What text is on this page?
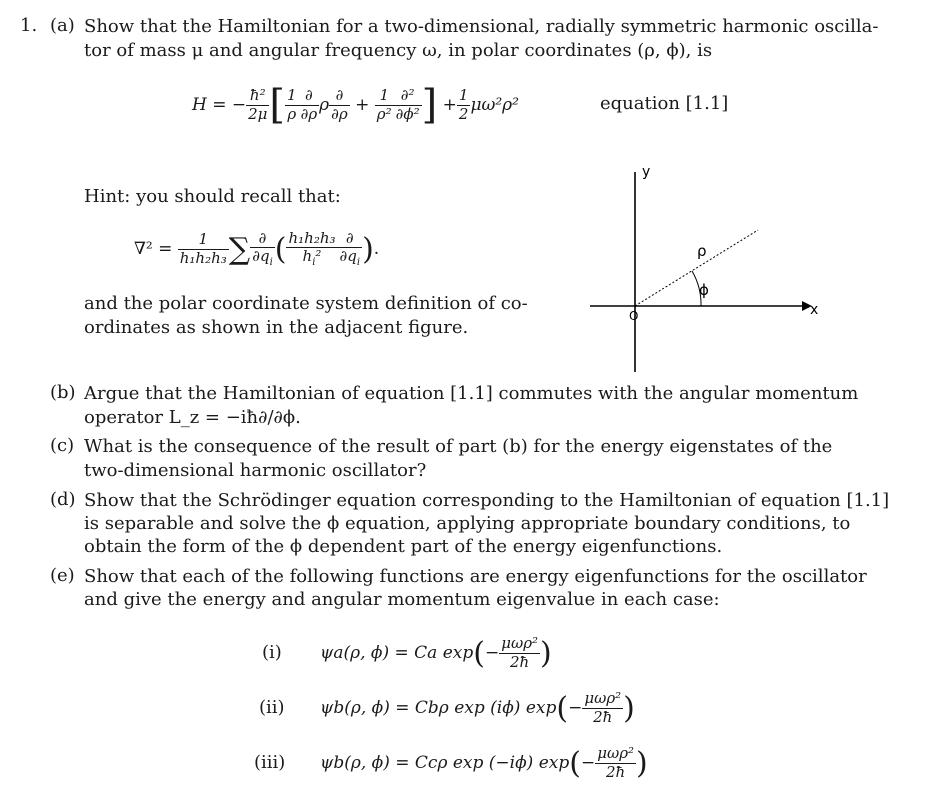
1. (a) Show that the Hamiltonian for a two-dimensional, radially symmetric harmonic oscilla-
tor of mass μ and angular frequency ω, in polar coordinates (ρ, ϕ), is
H = − $\frac{\text{ħ²}}{2\mu}$ [ $\frac{1}{\rho} \frac{\partial}{\partial\rho}$ ρ $\frac{\partial}{\partial\rho} + \frac{1}{\text{ρ²}} \frac{\text{∂²}}{\text{∂ϕ²}}$ ] + $\frac{1}{2} \mu\omega^2\rho^2$	equation [1.1]
Hint: you should recall that:
$\nabla^2 = \frac{1}{\text{h₁h₂h₃}}$ ∑ $\frac{\partial}{\partial q_i}$ ( $\frac{\text{h₁h₂h₃}}{h_i^2} \frac{\partial}{\partial q_i}$ ) .
and the polar coordinate system definition of co-
ordinates as shown in the adjacent figure.
y
x
O
ρ
ϕ
(b) Argue that the Hamiltonian of equation [1.1] commutes with the angular momentum
operator L_z = −iħ∂/∂ϕ.
(c) What is the consequence of the result of part (b) for the energy eigenstates of the
two-dimensional harmonic oscillator?
(d) Show that the Schrödinger equation corresponding to the Hamiltonian of equation [1.1]
is separable and solve the ϕ equation, applying appropriate boundary conditions, to
obtain the form of the ϕ dependent part of the energy eigenfunctions.
(e) Show that each of the following functions are energy eigenfunctions for the oscillator
and give the energy and angular momentum eigenvalue in each case:
(i) ψa(ρ, ϕ) = Ca exp ( − $\frac{\text{μωρ²}}{2ħ}$ )
(ii) ψb(ρ, ϕ) = Cbρ exp (iϕ) exp ( − $\frac{\text{μωρ²}}{2ħ}$ )
(iii) ψb(ρ, ϕ) = Ccρ exp (−iϕ) exp ( − $\frac{\text{μωρ²}}{2ħ}$ )
